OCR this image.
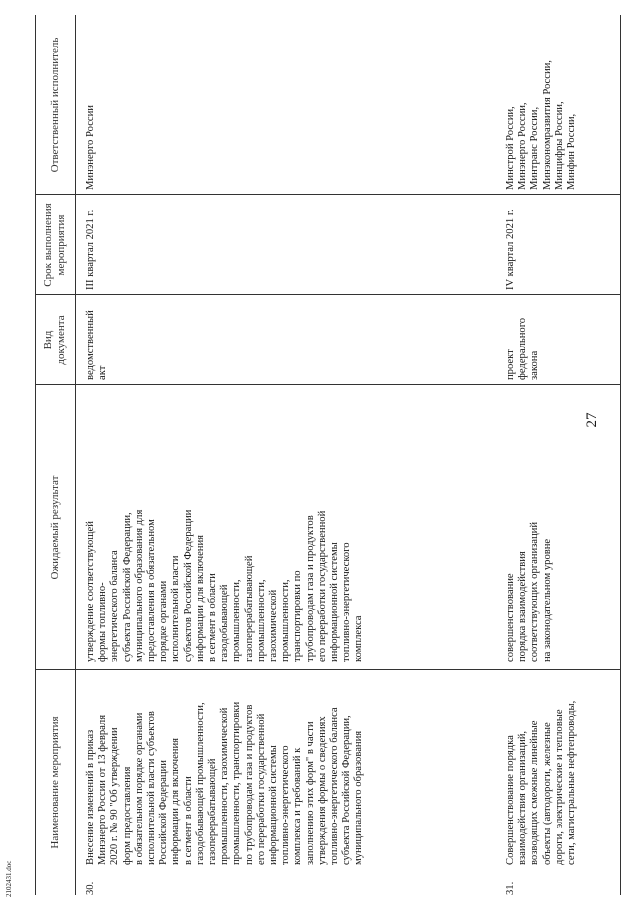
2102431.doc
27
Наименование мероприятия
Ожидаемый результат
Вид
документа
Срок выполнения
мероприятия
Ответственный исполнитель
30.
Внесение изменений в приказ
Минэнерго России от 13 февраля
2020 г. № 90 "Об утверждении
форм предоставления
в обязательном порядке органами
исполнительной власти субъектов
Российской Федерации
информации для включения
в сегмент в области
газодобывающей промышленности,
газоперерабатывающей
промышленности, газохимической
промышленности, транспортировки
по трубопроводам газа и продуктов
его переработки государственной
информационной системы
топливно-энергетического
комплекса и требований к
заполнению этих форм" в части
утверждения формы о сведениях
топливно-энергетического баланса
субъекта Российской Федерации,
муниципального образования
утверждение соответствующей
формы топливно-
энергетического баланса
субъекта Российской Федерации,
муниципального образования для
предоставления в обязательном
порядке органами
исполнительной власти
субъектов Российской Федерации
информации для включения
в сегмент в области
газодобывающей
промышленности,
газоперерабатывающей
промышленности,
газохимической
промышленности,
транспортировки по
трубопроводам газа и продуктов
его переработки государственной
информационной системы
топливно-энергетического
комплекса
ведомственный
акт
III квартал 2021 г.
Минэнерго России
31.
Совершенствование порядка
взаимодействия организаций,
возводящих смежные линейные
объекты (автодороги, железные
дороги, электрические и тепловые
сети, магистральные нефтепроводы,
совершенствование
порядка взаимодействия
соответствующих организаций
на законодательном уровне
проект
федерального
закона
IV квартал 2021 г.
Минстрой России,
Минэнерго России,
Минтранс России,
Минэкономразвития России,
Минцифры России,
Минфин России,
